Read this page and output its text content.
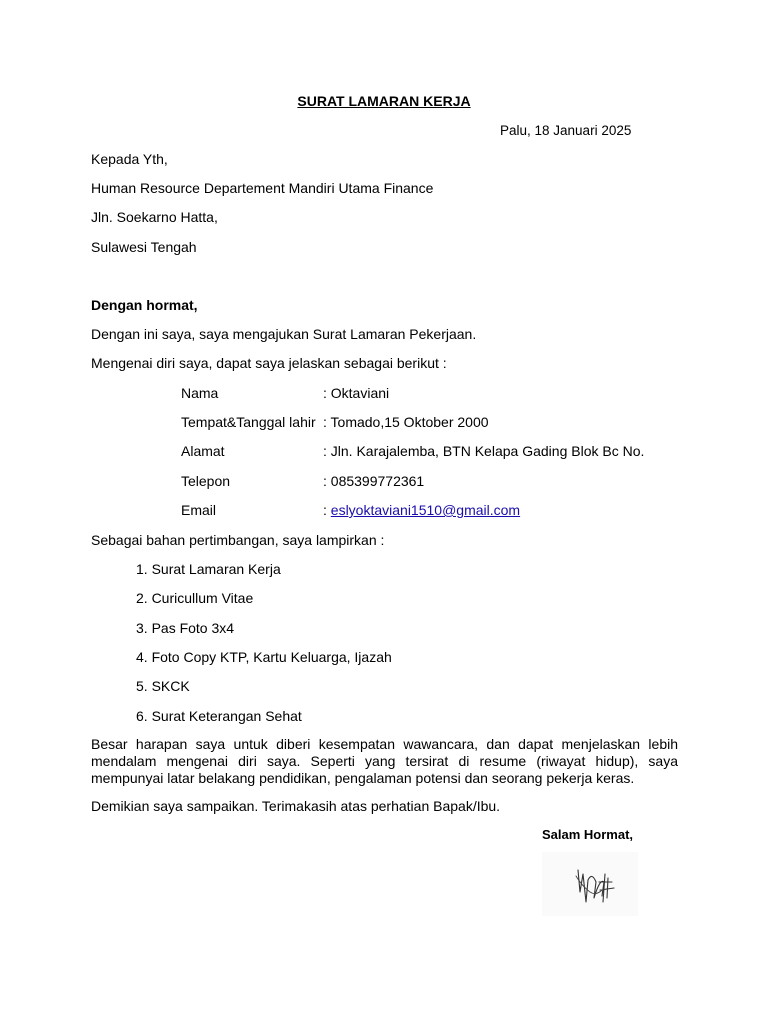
SURAT LAMARAN KERJA
Palu, 18 Januari 2025
Kepada Yth,
Human Resource Departement Mandiri Utama Finance
Jln. Soekarno Hatta,
Sulawesi Tengah
Dengan hormat,
Dengan ini saya, saya mengajukan Surat Lamaran Pekerjaan.
Mengenai diri saya, dapat saya jelaskan sebagai berikut :
Nama	: Oktaviani
Tempat&Tanggal lahir : Tomado,15 Oktober 2000
Alamat	: Jln. Karajalemba, BTN Kelapa Gading Blok Bc No.
Telepon	: 085399772361
Email	: eslyoktaviani1510@gmail.com
Sebagai bahan pertimbangan, saya lampirkan :
1. Surat Lamaran Kerja
2. Curicullum Vitae
3. Pas Foto 3x4
4. Foto Copy KTP, Kartu Keluarga, Ijazah
5. SKCK
6. Surat Keterangan Sehat
Besar harapan saya untuk diberi kesempatan wawancara, dan dapat menjelaskan lebih mendalam mengenai diri saya. Seperti yang tersirat di resume (riwayat hidup), saya mempunyai latar belakang pendidikan, pengalaman potensi dan seorang pekerja keras.
Demikian saya sampaikan. Terimakasih atas perhatian Bapak/Ibu.
Salam Hormat,
